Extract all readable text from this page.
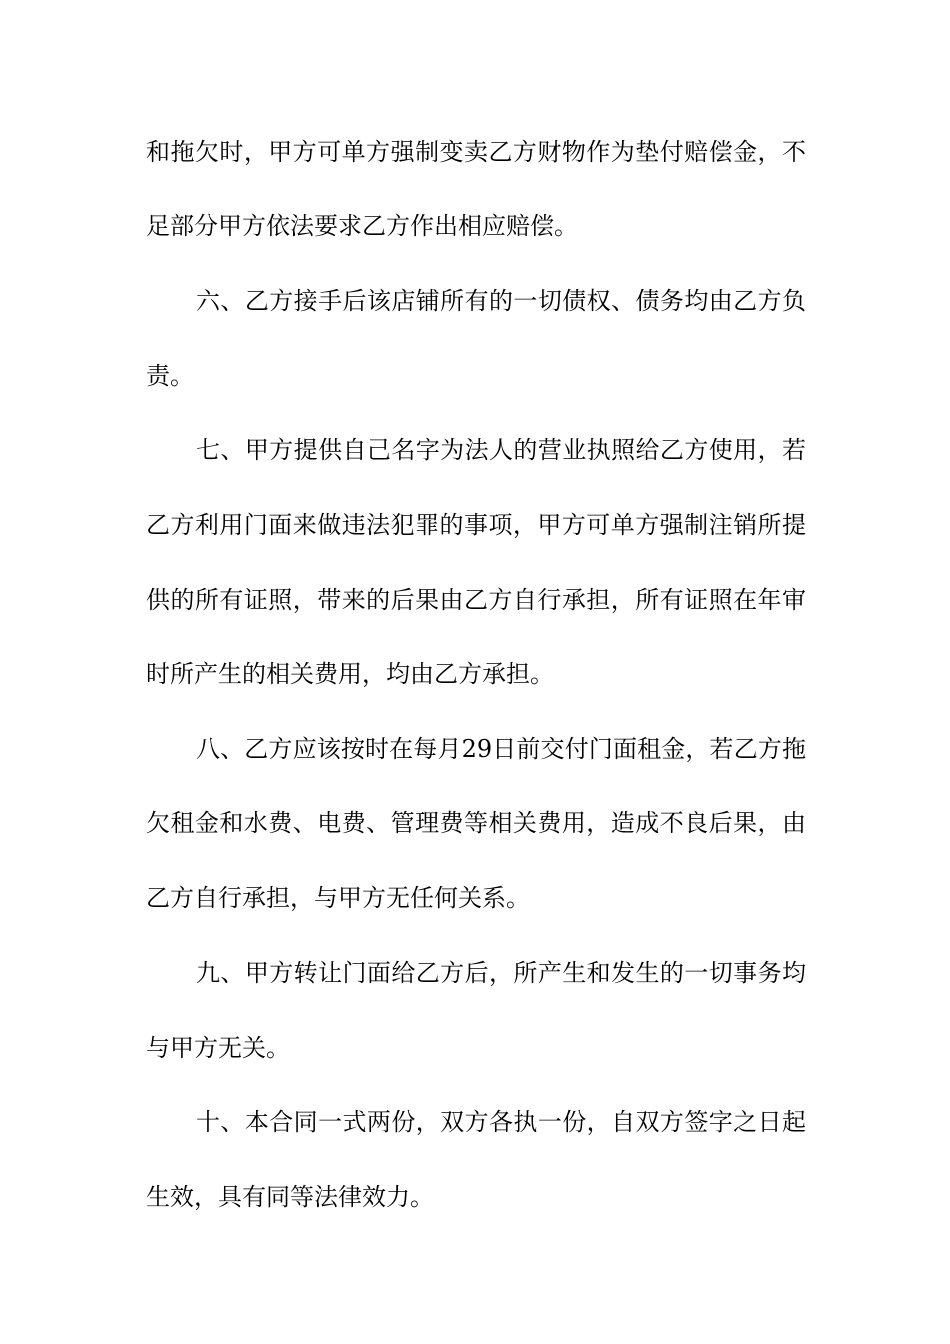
和拖欠时，甲方可单方强制变卖乙方财物作为垫付赔偿金，不
足部分甲方依法要求乙方作出相应赔偿。
六、乙方接手后该店铺所有的一切债权、债务均由乙方负
责。
七、甲方提供自己名字为法人的营业执照给乙方使用，若
乙方利用门面来做违法犯罪的事项，甲方可单方强制注销所提
供的所有证照，带来的后果由乙方自行承担，所有证照在年审
时所产生的相关费用，均由乙方承担。
八、乙方应该按时在每月29日前交付门面租金，若乙方拖
欠租金和水费、电费、管理费等相关费用，造成不良后果，由
乙方自行承担，与甲方无任何关系。
九、甲方转让门面给乙方后，所产生和发生的一切事务均
与甲方无关。
十、本合同一式两份，双方各执一份，自双方签字之日起
生效，具有同等法律效力。
